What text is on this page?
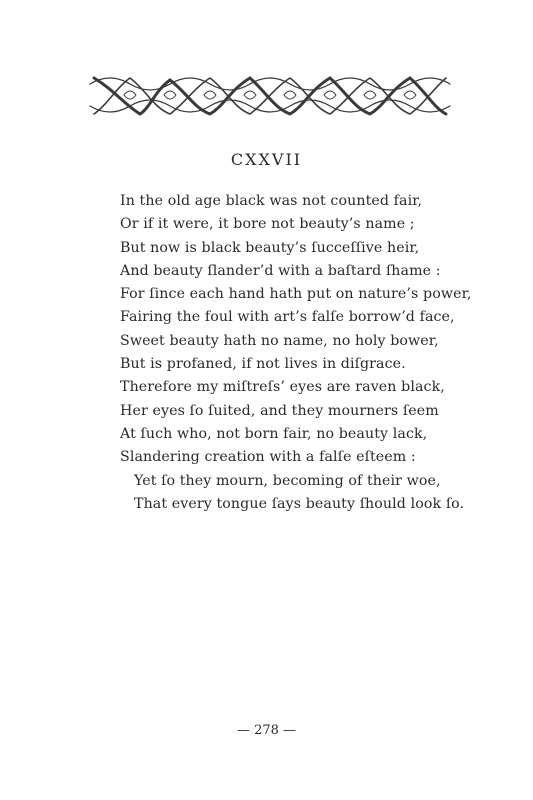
CXXVII
In the old age black was not counted fair,
Or if it were, it bore not beauty’s name ;
But now is black beauty’s ſucceſſive heir,
And beauty ſlander’d with a baſtard ſhame :
For ſince each hand hath put on nature’s power,
Fairing the foul with art’s falſe borrow’d face,
Sweet beauty hath no name, no holy bower,
But is profaned, if not lives in diſgrace.
Therefore my miſtreſs’ eyes are raven black,
Her eyes ſo ſuited, and they mourners ſeem
At ſuch who, not born fair, no beauty lack,
Slandering creation with a falſe eſteem :
Yet ſo they mourn, becoming of their woe,
That every tongue ſays beauty ſhould look ſo.
— 278 —
